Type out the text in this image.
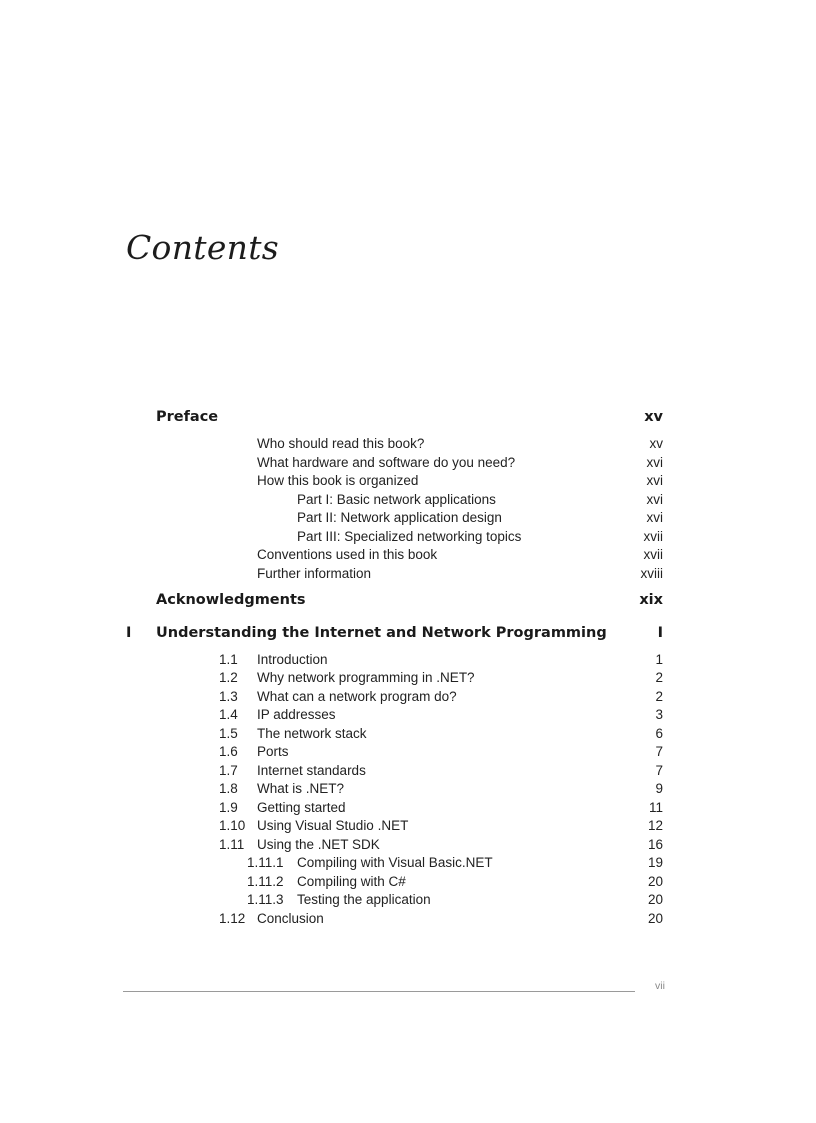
Contents
Preface	xv
Who should read this book?	xv
What hardware and software do you need?	xvi
How this book is organized	xvi
Part I: Basic network applications	xvi
Part II: Network application design	xvi
Part III: Specialized networking topics	xvii
Conventions used in this book	xvii
Further information	xviii
Acknowledgments	xix
I Understanding the Internet and Network Programming	I
1.1 Introduction	1
1.2 Why network programming in .NET?	2
1.3 What can a network program do?	2
1.4 IP addresses	3
1.5 The network stack	6
1.6 Ports	7
1.7 Internet standards	7
1.8 What is .NET?	9
1.9 Getting started	11
1.10 Using Visual Studio .NET	12
1.11 Using the .NET SDK	16
1.11.1 Compiling with Visual Basic.NET	19
1.11.2 Compiling with C#	20
1.11.3 Testing the application	20
1.12 Conclusion	20
vii
